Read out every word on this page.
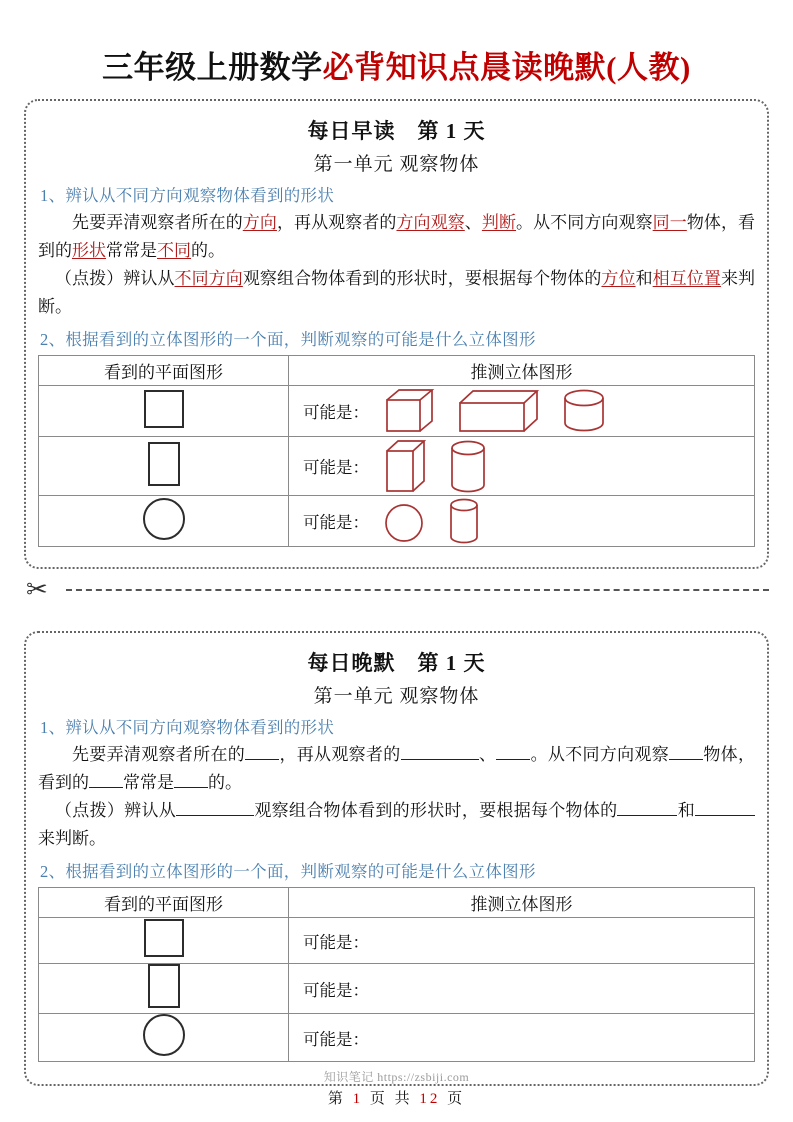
三年级上册数学必背知识点晨读晚默(人教)
每日早读　第 1 天
第一单元 观察物体
1、辨认从不同方向观察物体看到的形状

先要弄清观察者所在的方向，再从观察者的方向观察、判断。从不同方向观察同一物体，看到的形状常常是不同的。

（点拨）辨认从不同方向观察组合物体看到的形状时，要根据每个物体的方位和相互位置来判断。

2、根据看到的立体图形的一个面，判断观察的可能是什么立体图形
看到的平面图形	推测立体图形

	可能是：

	可能是：

	可能是：
✂
每日晚默　第 1 天
第一单元 观察物体
1、辨认从不同方向观察物体看到的形状

先要弄清观察者所在的 ，再从观察者的	、 。从不同方向观察 物体，看到的 常常是 的。

（点拨）辨认从	观察组合物体看到的形状时，要根据每个物体的	和来判断。

2、根据看到的立体图形的一个面，判断观察的可能是什么立体图形
看到的平面图形	推测立体图形
	可能是：
	可能是：
	可能是：
知识笔记 https://zsbiji.com
第 1 页 共 12 页
